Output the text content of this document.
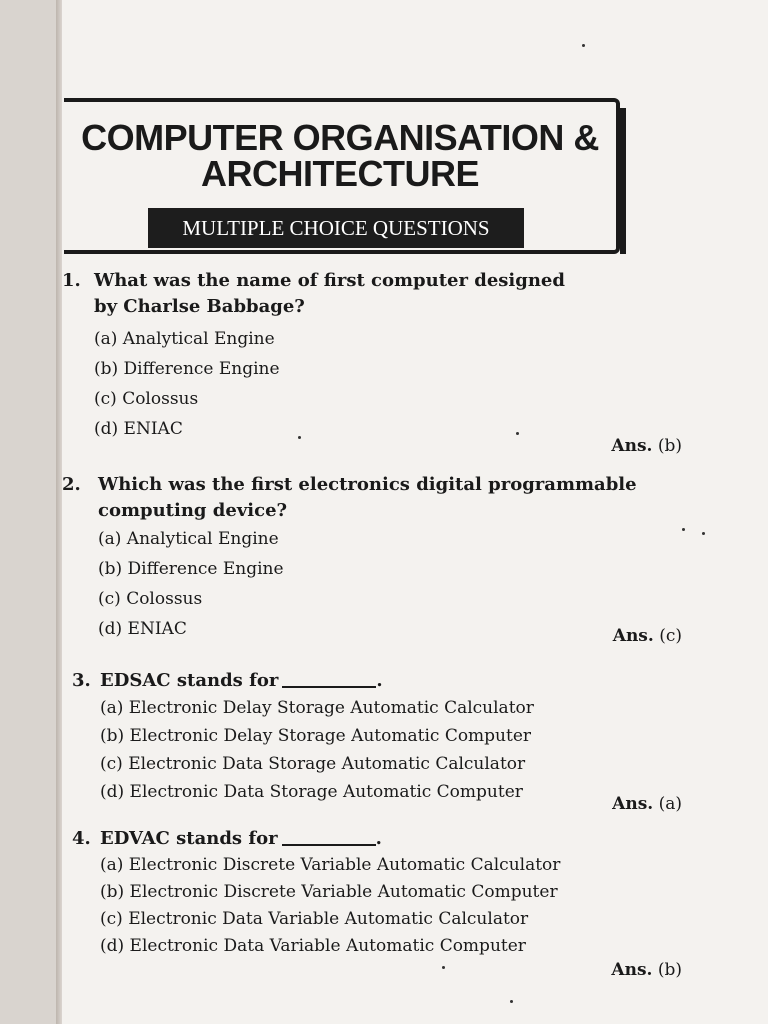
COMPUTER ORGANISATION &
ARCHITECTURE
MULTIPLE CHOICE QUESTIONS
1. What was the name of first computer designed
by Charlse Babbage?
(a) Analytical Engine
(b) Difference Engine
(c) Colossus
(d) ENIAC
Ans. (b)
2. Which was the first electronics digital programmable
computing device?
(a) Analytical Engine
(b) Difference Engine
(c) Colossus
(d) ENIAC	Ans. (c)
3. EDSAC stands for	.
(a) Electronic Delay Storage Automatic Calculator
(b) Electronic Delay Storage Automatic Computer
(c) Electronic Data Storage Automatic Calculator
(d) Electronic Data Storage Automatic Computer
Ans. (a)
4. EDVAC stands for	.
(a) Electronic Discrete Variable Automatic Calculator
(b) Electronic Discrete Variable Automatic Computer
(c) Electronic Data Variable Automatic Calculator
(d) Electronic Data Variable Automatic Computer
Ans. (b)
